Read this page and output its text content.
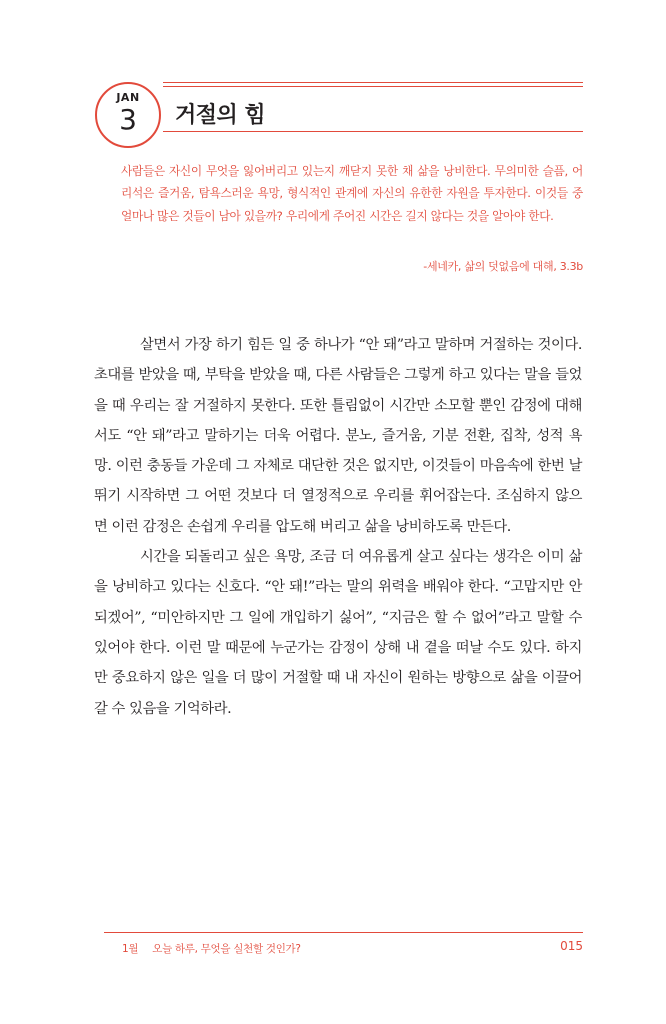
JAN
3	거절의 힘

사람들은 자신이 무엇을 잃어버리고 있는지 깨닫지 못한 채 삶을 낭비한다. 무의미한 슬픔, 어리석은 즐거움, 탐욕스러운 욕망, 형식적인 관계에 자신의 유한한 자원을 투자한다. 이것들 중 얼마나 많은 것들이 남아 있을까? 우리에게 주어진 시간은 길지 않다는 것을 알아야 한다.

-세네카, 삶의 덧없음에 대해, 3.3b

살면서 가장 하기 힘든 일 중 하나가 “안 돼”라고 말하며 거절하는 것이다. 초대를 받았을 때, 부탁을 받았을 때, 다른 사람들은 그렇게 하고 있다는 말을 들었을 때 우리는 잘 거절하지 못한다. 또한 틀림없이 시간만 소모할 뿐인 감정에 대해서도 “안 돼”라고 말하기는 더욱 어렵다. 분노, 즐거움, 기분 전환, 집착, 성적 욕망. 이런 충동들 가운데 그 자체로 대단한 것은 없지만, 이것들이 마음속에 한번 날뛰기 시작하면 그 어떤 것보다 더 열정적으로 우리를 휘어잡는다. 조심하지 않으면 이런 감정은 손쉽게 우리를 압도해 버리고 삶을 낭비하도록 만든다.

시간을 되돌리고 싶은 욕망, 조금 더 여유롭게 살고 싶다는 생각은 이미 삶을 낭비하고 있다는 신호다. “안 돼!”라는 말의 위력을 배워야 한다. “고맙지만 안 되겠어”, “미안하지만 그 일에 개입하기 싫어”, “지금은 할 수 없어”라고 말할 수 있어야 한다. 이런 말 때문에 누군가는 감정이 상해 내 곁을 떠날 수도 있다. 하지만 중요하지 않은 일을 더 많이 거절할 때 내 자신이 원하는 방향으로 삶을 이끌어갈 수 있음을 기억하라.

1월 오늘 하루, 무엇을 실천할 것인가?	015
